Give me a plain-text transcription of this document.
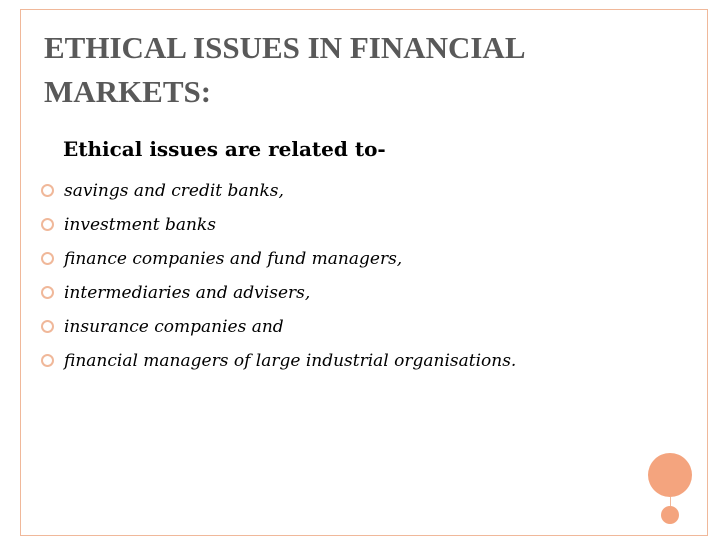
ETHICAL ISSUES IN FINANCIAL MARKETS:

Ethical issues are related to-

savings and credit banks,
investment banks
finance companies and fund managers,
intermediaries and advisers,
insurance companies and
financial managers of large industrial organisations.
